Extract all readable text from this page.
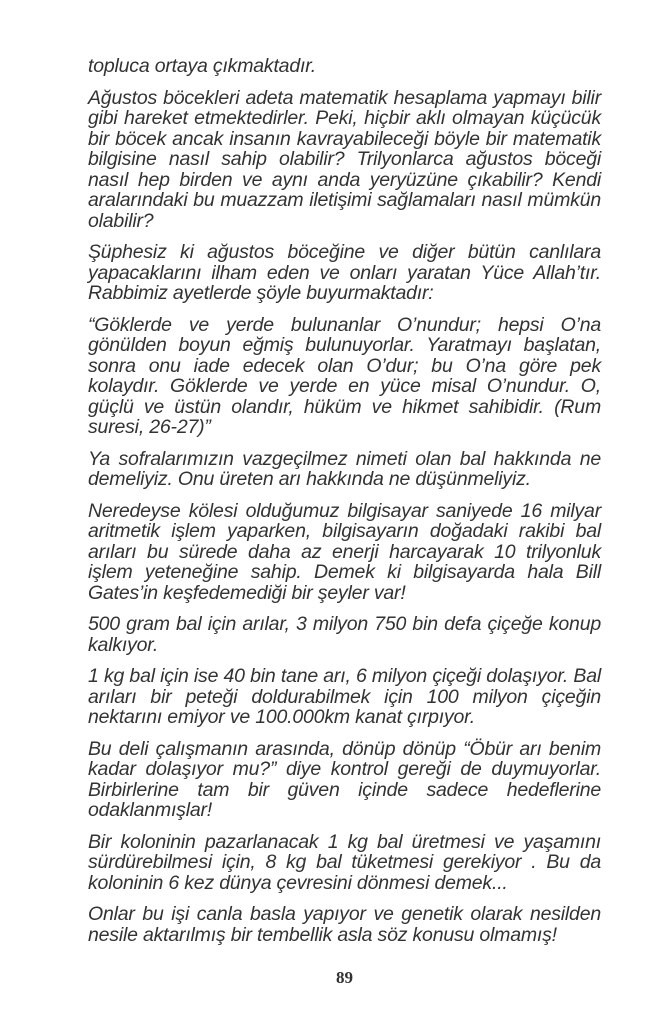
topluca ortaya çıkmaktadır.

Ağustos böcekleri adeta matematik hesaplama yapmayı bilir gibi hareket etmektedirler. Peki, hiçbir aklı olmayan küçücük bir böcek ancak insanın kavrayabileceği böyle bir matematik bilgisine nasıl sahip olabilir? Trilyonlarca ağustos böceği nasıl hep birden ve aynı anda yeryüzüne çıkabilir? Kendi aralarındaki bu muazzam iletişimi sağlamaları nasıl mümkün olabilir?

Şüphesiz ki ağustos böceğine ve diğer bütün canlılara yapacaklarını ilham eden ve onları yaratan Yüce Allah’tır. Rabbimiz ayetlerde şöyle buyurmaktadır:

“Göklerde ve yerde bulunanlar O’nundur; hepsi O’na gönülden boyun eğmiş bulunuyorlar. Yaratmayı başlatan, sonra onu iade edecek olan O’dur; bu O’na göre pek kolaydır. Göklerde ve yerde en yüce misal O’nundur. O, güçlü ve üstün olandır, hüküm ve hikmet sahibidir. (Rum suresi, 26-27)”

Ya sofralarımızın vazgeçilmez nimeti olan bal hakkında ne demeliyiz. Onu üreten arı hakkında ne düşünmeliyiz.

Neredeyse kölesi olduğumuz bilgisayar saniyede 16 milyar aritmetik işlem yaparken, bilgisayarın doğadaki rakibi bal arıları bu sürede daha az enerji harcayarak 10 trilyonluk işlem yeteneğine sahip. Demek ki bilgisayarda hala Bill Gates’in keşfedemediği bir şeyler var!

500 gram bal için arılar, 3 milyon 750 bin defa çiçeğe konup kalkıyor.

1 kg bal için ise 40 bin tane arı, 6 milyon çiçeği dolaşıyor. Bal arıları bir peteği doldurabilmek için 100 milyon çiçeğin nektarını emiyor ve 100.000km kanat çırpıyor.

Bu deli çalışmanın arasında, dönüp dönüp “Öbür arı benim kadar dolaşıyor mu?” diye kontrol gereği de duymuyorlar. Birbirlerine tam bir güven içinde sadece hedeflerine odaklanmışlar!

Bir koloninin pazarlanacak 1 kg bal üretmesi ve yaşamını sürdürebilmesi için, 8 kg bal tüketmesi gerekiyor . Bu da koloninin 6 kez dünya çevresini dönmesi demek...

Onlar bu işi canla basla yapıyor ve genetik olarak nesilden nesile aktarılmış bir tembellik asla söz konusu olmamış!

89
